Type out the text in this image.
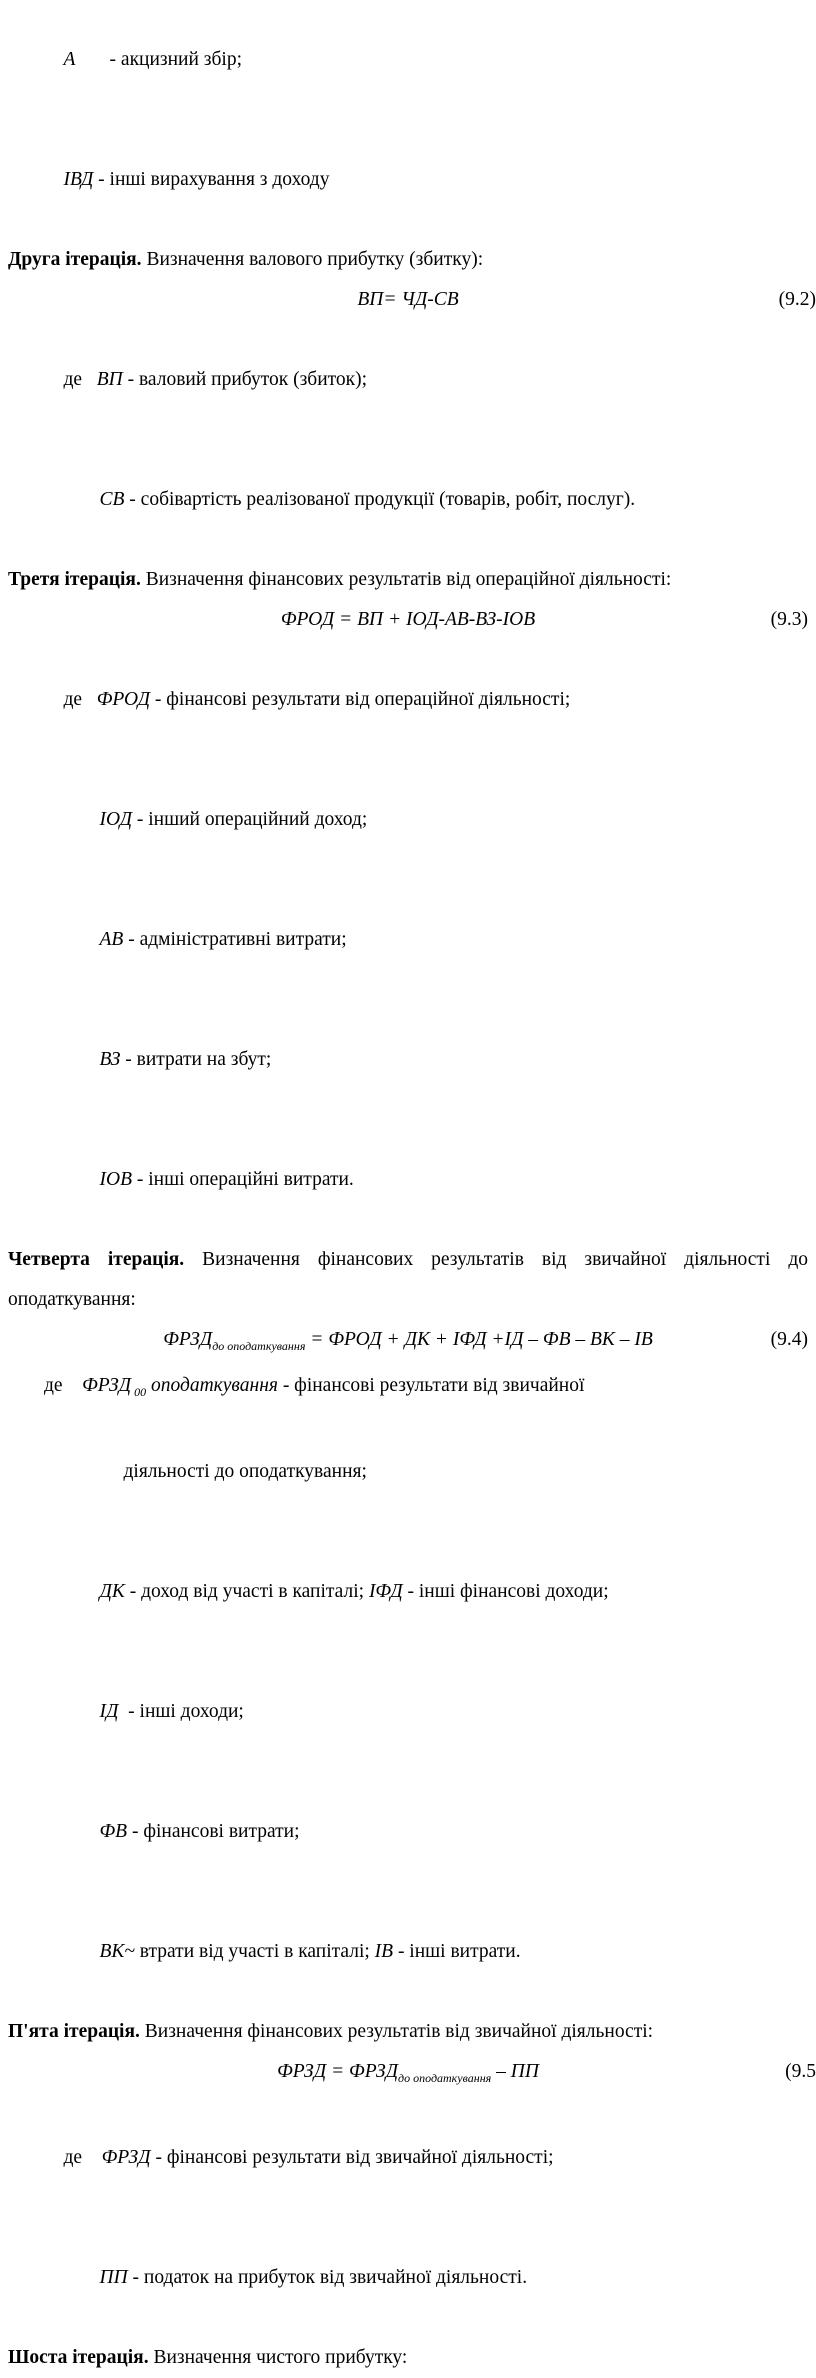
А       - акцизний збір;

ІВД - інші вирахування з доходу

Друга ітерація. Визначення валового прибутку (збитку):
ВП= ЧД-СВ	(9.2)

де ВП - валовий прибуток (збиток);

СВ - собівартість реалізованої продукції (товарів, робіт, послуг).

Третя ітерація. Визначення фінансових результатів від операційної діяльності:
ФРОД = ВП + ІОД-АВ-ВЗ-ІОВ	(9.3)

де ФРОД - фінансові результати від операційної діяльності;

ІОД - інший операційний доход;

АВ - адміністративні витрати;

ВЗ - витрати на збут;

ІОВ - інші операційні витрати.

Четверта ітерація. Визначення фінансових результатів від звичайної діяльності до оподаткування:
$ФРЗД_{до оподаткування}$ = ФРОД + ДК + ІФД +ІД – ФВ – ВК – ІВ	(9.4)
де ФРЗД $_{00}$ оподаткування - фінансові результати від звичайної

діяльності до оподаткування;

ДК - доход від участі в капіталі; ІФД - інші фінансові доходи;

ІД  - інші доходи;

ФВ - фінансові витрати;

ВК~ втрати від участі в капіталі; ІВ - інші витрати.

П'ята ітерація. Визначення фінансових результатів від звичайної діяльності:
ФРЗД = $ФРЗД_{до оподаткування}$ – ПП	(9.5

де ФРЗД - фінансові результати від звичайної діяльності;

ПП - податок на прибуток від звичайної діяльності.

Шоста ітерація. Визначення чистого прибутку:
